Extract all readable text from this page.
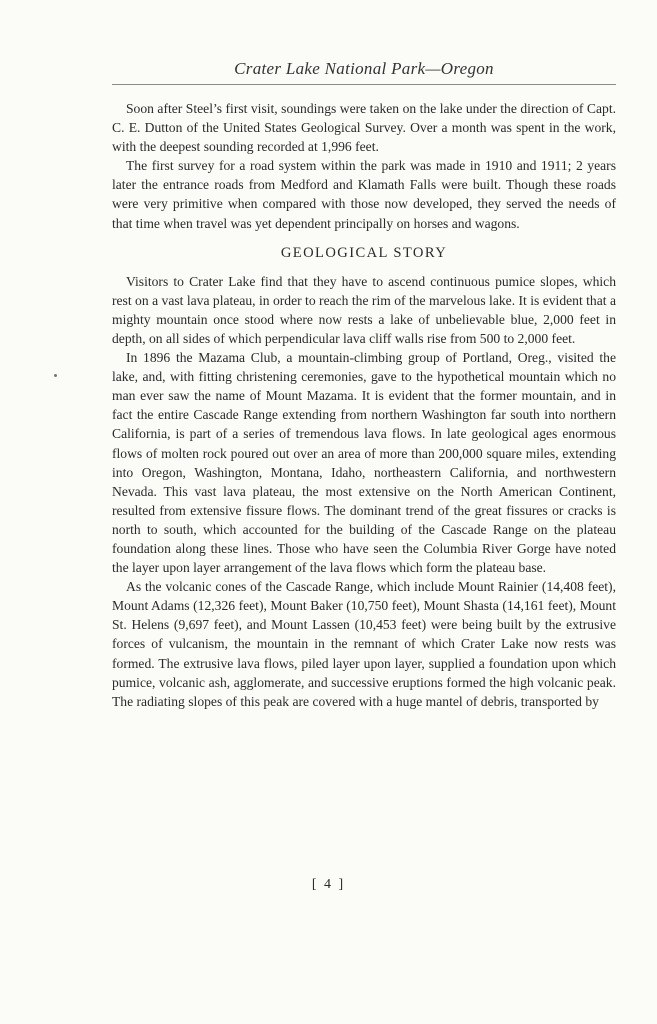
Crater Lake National Park—Oregon

Soon after Steel’s first visit, soundings were taken on the lake under the direction of Capt. C. E. Dutton of the United States Geological Survey. Over a month was spent in the work, with the deepest sounding recorded at 1,996 feet.

The first survey for a road system within the park was made in 1910 and 1911; 2 years later the entrance roads from Medford and Klamath Falls were built. Though these roads were very primitive when compared with those now developed, they served the needs of that time when travel was yet dependent principally on horses and wagons.

GEOLOGICAL STORY

Visitors to Crater Lake find that they have to ascend continuous pumice slopes, which rest on a vast lava plateau, in order to reach the rim of the marvelous lake. It is evident that a mighty mountain once stood where now rests a lake of unbelievable blue, 2,000 feet in depth, on all sides of which perpendicular lava cliff walls rise from 500 to 2,000 feet.

In 1896 the Mazama Club, a mountain-climbing group of Portland, Oreg., visited the lake, and, with fitting christening ceremonies, gave to the hypothetical mountain which no man ever saw the name of Mount Mazama. It is evident that the former mountain, and in fact the entire Cascade Range extending from northern Washington far south into northern California, is part of a series of tremendous lava flows. In late geological ages enormous flows of molten rock poured out over an area of more than 200,000 square miles, extending into Oregon, Washington, Montana, Idaho, northeastern California, and northwestern Nevada. This vast lava plateau, the most extensive on the North American Continent, resulted from extensive fissure flows. The dominant trend of the great fissures or cracks is north to south, which accounted for the building of the Cascade Range on the plateau foundation along these lines. Those who have seen the Columbia River Gorge have noted the layer upon layer arrangement of the lava flows which form the plateau base.

As the volcanic cones of the Cascade Range, which include Mount Rainier (14,408 feet), Mount Adams (12,326 feet), Mount Baker (10,750 feet), Mount Shasta (14,161 feet), Mount St. Helens (9,697 feet), and Mount Lassen (10,453 feet) were being built by the extrusive forces of vulcanism, the mountain in the remnant of which Crater Lake now rests was formed. The extrusive lava flows, piled layer upon layer, supplied a foundation upon which pumice, volcanic ash, agglomerate, and successive eruptions formed the high volcanic peak. The radiating slopes of this peak are covered with a huge mantel of debris, transported by

[ 4 ]
